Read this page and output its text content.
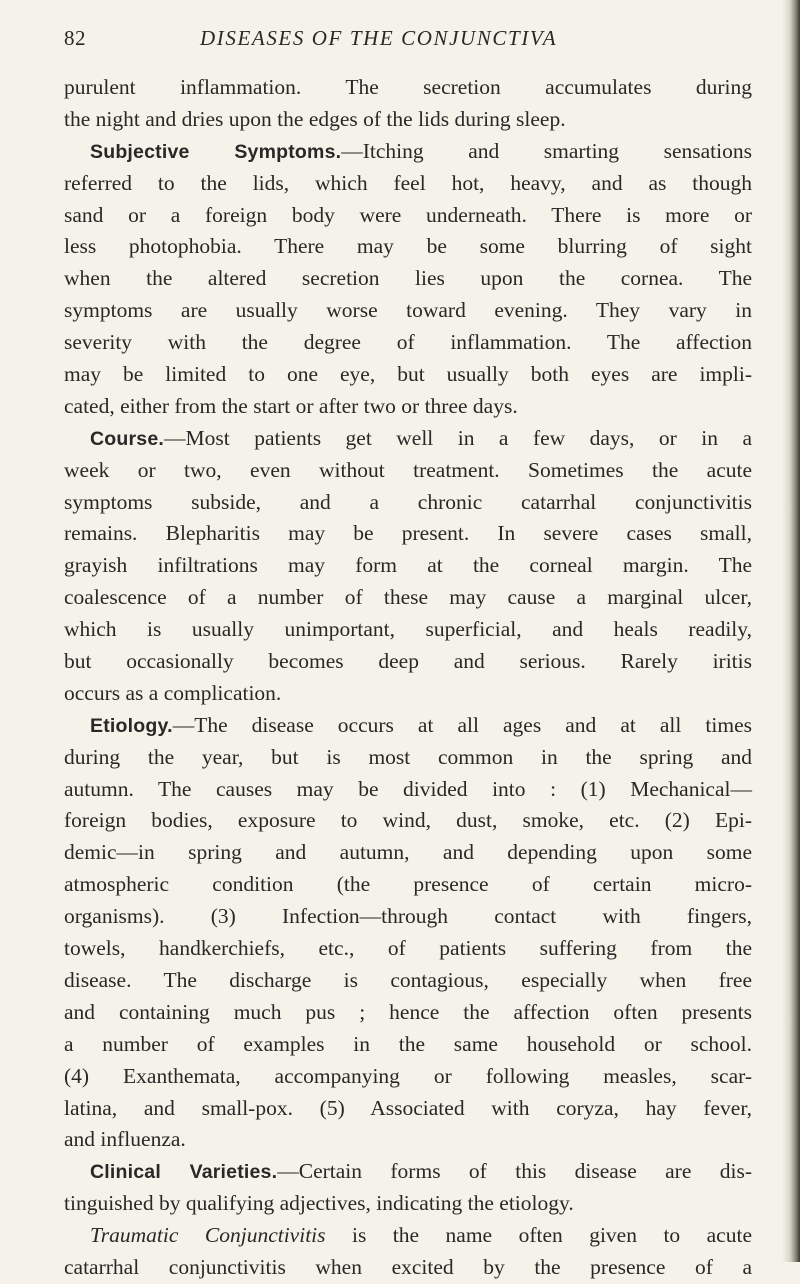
82	DISEASES OF THE CONJUNCTIVA
purulent inflammation. The secretion accumulates during
the night and dries upon the edges of the lids during sleep.
Subjective Symptoms.—Itching and smarting sensations
referred to the lids, which feel hot, heavy, and as though
sand or a foreign body were underneath. There is more or
less photophobia. There may be some blurring of sight
when the altered secretion lies upon the cornea. The
symptoms are usually worse toward evening. They vary in
severity with the degree of inflammation. The affection
may be limited to one eye, but usually both eyes are impli-
cated, either from the start or after two or three days.
Course.—Most patients get well in a few days, or in a
week or two, even without treatment. Sometimes the acute
symptoms subside, and a chronic catarrhal conjunctivitis
remains. Blepharitis may be present. In severe cases small,
grayish infiltrations may form at the corneal margin. The
coalescence of a number of these may cause a marginal ulcer,
which is usually unimportant, superficial, and heals readily,
but occasionally becomes deep and serious. Rarely iritis
occurs as a complication.
Etiology.—The disease occurs at all ages and at all times
during the year, but is most common in the spring and
autumn. The causes may be divided into : (1) Mechanical—
foreign bodies, exposure to wind, dust, smoke, etc. (2) Epi-
demic—in spring and autumn, and depending upon some
atmospheric condition (the presence of certain micro-
organisms). (3) Infection—through contact with fingers,
towels, handkerchiefs, etc., of patients suffering from the
disease. The discharge is contagious, especially when free
and containing much pus ; hence the affection often presents
a number of examples in the same household or school.
(4) Exanthemata, accompanying or following measles, scar-
latina, and small-pox. (5) Associated with coryza, hay fever,
and influenza.
Clinical Varieties.—Certain forms of this disease are dis-
tinguished by qualifying adjectives, indicating the etiology.
Traumatic Conjunctivitis is the name often given to acute
catarrhal conjunctivitis when excited by the presence of a
